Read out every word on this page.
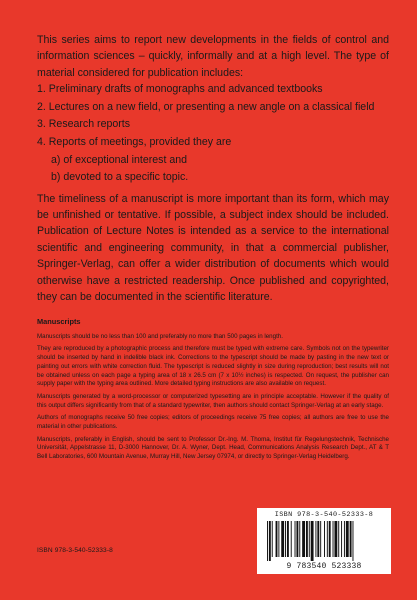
This series aims to report new developments in the fields of control and information sciences – quickly, informally and at a high level. The type of material considered for publication includes:

1. Preliminary drafts of monographs and advanced textbooks
2. Lectures on a new field, or presenting a new angle on a classical field
3. Research reports
4. Reports of meetings, provided they are
a) of exceptional interest and
b) devoted to a specific topic.

The timeliness of a manuscript is more important than its form, which may be unfinished or tentative. If possible, a subject index should be included. Publication of Lecture Notes is intended as a service to the international scientific and engineering community, in that a commercial publisher, Springer-Verlag, can offer a wider distribution of documents which would otherwise have a restricted readership. Once published and copyrighted, they can be documented in the scientific literature.

Manuscripts

Manuscripts should be no less than 100 and preferably no more than 500 pages in length.

They are reproduced by a photographic process and therefore must be typed with extreme care. Symbols not on the typewriter should be inserted by hand in indelible black ink. Corrections to the typescript should be made by pasting in the new text or painting out errors with white correction fluid. The typescript is reduced slightly in size during reproduction; best results will not be obtained unless on each page a typing area of 18 x 26.5 cm (7 x 10½ inches) is respected. On request, the publisher can supply paper with the typing area outlined. More detailed typing instructions are also available on request.

Manuscripts generated by a word-processor or computerized typesetting are in principle acceptable. However if the quality of this output differs significantly from that of a standard typewriter, then authors should contact Springer-Verlag at an early stage.

Authors of monographs receive 50 free copies; editors of proceedings receive 75 free copies; all authors are free to use the material in other publications.

Manuscripts, preferably in English, should be sent to Professor Dr.-Ing. M. Thoma, Institut für Regelungstechnik, Technische Universität, Appelstrasse 11, D-3000 Hannover, Dr. A. Wyner, Dept. Head, Communications Analysis Research Dept., AT & T Bell Laboratories, 600 Mountain Avenue, Murray Hill, New Jersey 07974, or directly to Springer-Verlag Heidelberg.

ISBN 978-3-540-52333-8
ISBN 978-3-540-52333-8
9 783540 523338
